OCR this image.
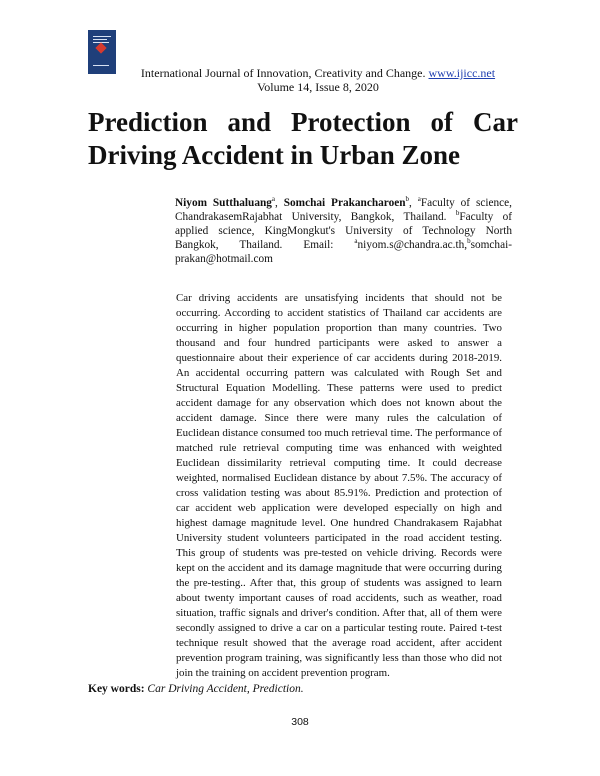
International Journal of Innovation, Creativity and Change. www.ijicc.net
Volume 14, Issue 8, 2020
Prediction and Protection of Car Driving Accident in Urban Zone
Niyom Sutthaluang$^a$, Somchai Prakancharoen$^b$, $^a$Faculty of science, ChandrakasemRajabhat University, Bangkok, Thailand. $^b$Faculty of applied science, KingMongkut's University of Technology North Bangkok, Thailand. Email: $^a$niyom.s@chandra.ac.th,$^b$somchai-prakan@hotmail.com

Car driving accidents are unsatisfying incidents that should not be occurring. According to accident statistics of Thailand car accidents are occurring in higher population proportion than many countries. Two thousand and four hundred participants were asked to answer a questionnaire about their experience of car accidents during 2018-2019. An accidental occurring pattern was calculated with Rough Set and Structural Equation Modelling. These patterns were used to predict accident damage for any observation which does not known about the accident damage. Since there were many rules the calculation of Euclidean distance consumed too much retrieval time. The performance of matched rule retrieval computing time was enhanced with weighted Euclidean dissimilarity retrieval computing time. It could decrease weighted, normalised Euclidean distance by about 7.5%. The accuracy of cross validation testing was about 85.91%. Prediction and protection of car accident web application were developed especially on high and highest damage magnitude level. One hundred Chandrakasem Rajabhat University student volunteers participated in the road accident testing. This group of students was pre-tested on vehicle driving. Records were kept on the accident and its damage magnitude that were occurring during the pre-testing.. After that, this group of students was assigned to learn about twenty important causes of road accidents, such as weather, road situation, traffic signals and driver's condition. After that, all of them were secondly assigned to drive a car on a particular testing route. Paired t-test technique result showed that the average road accident, after accident prevention program training, was significantly less than those who did not join the training on accident prevention program.

Key words: Car Driving Accident, Prediction.
308
